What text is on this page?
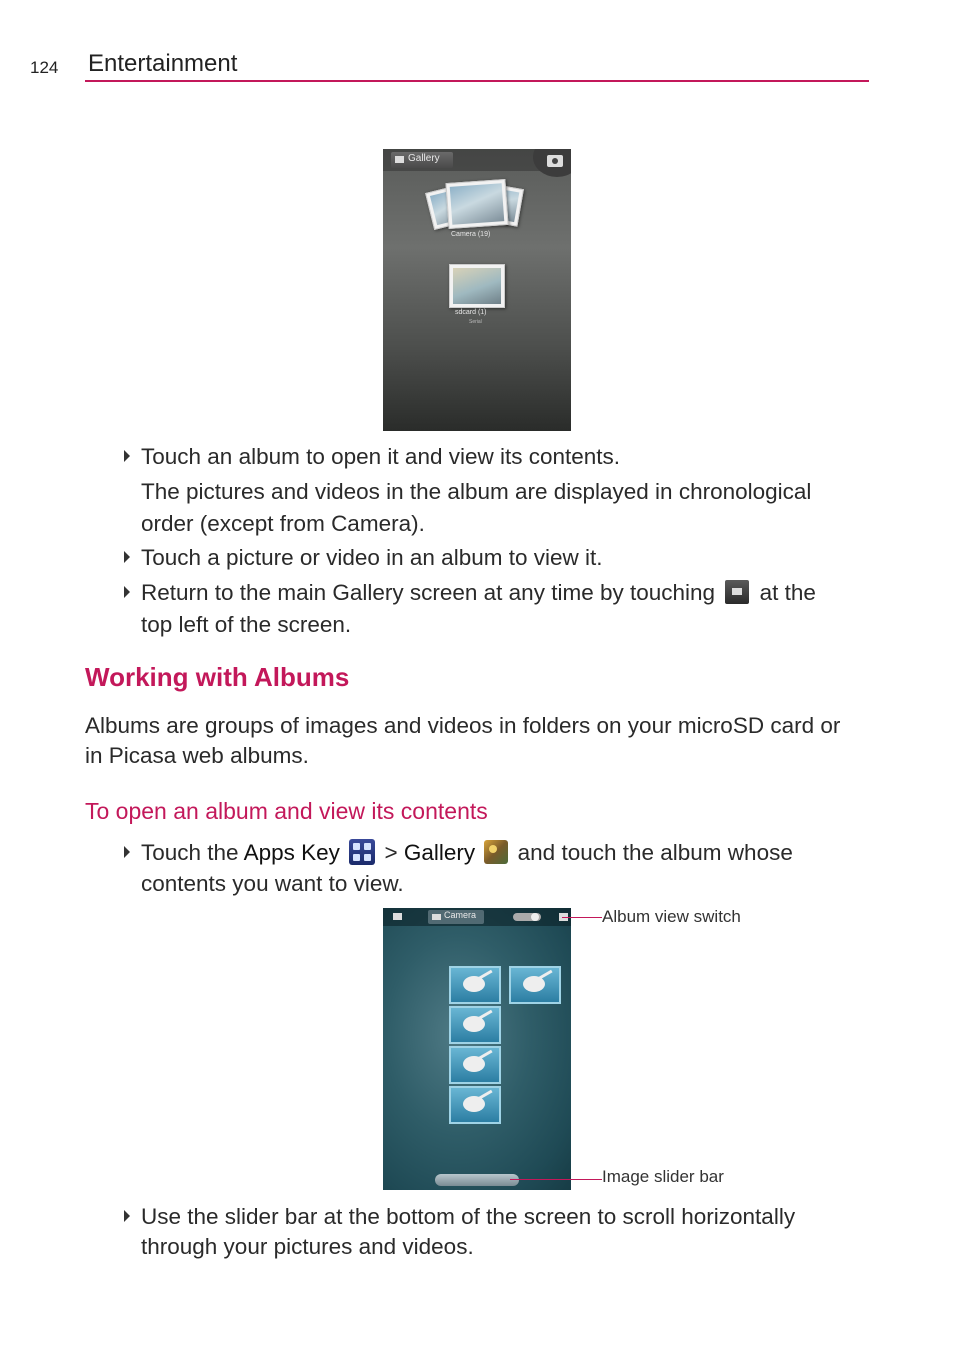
124 Entertainment
Gallery
Camera (19)
sdcard (1)
Serial
Touch an album to open it and view its contents.
The pictures and videos in the album are displayed in chronological
order (except from Camera).
Touch a picture or video in an album to view it.
Return to the main Gallery screen at any time by touching at the
top left of the screen.
Working with Albums
Albums are groups of images and videos in folders on your microSD card or
in Picasa web albums.
To open an album and view its contents
Touch the Apps Key > Gallery and touch the album whose
contents you want to view.
Camera	Album view switch
Image slider bar
Use the slider bar at the bottom of the screen to scroll horizontally
through your pictures and videos.
